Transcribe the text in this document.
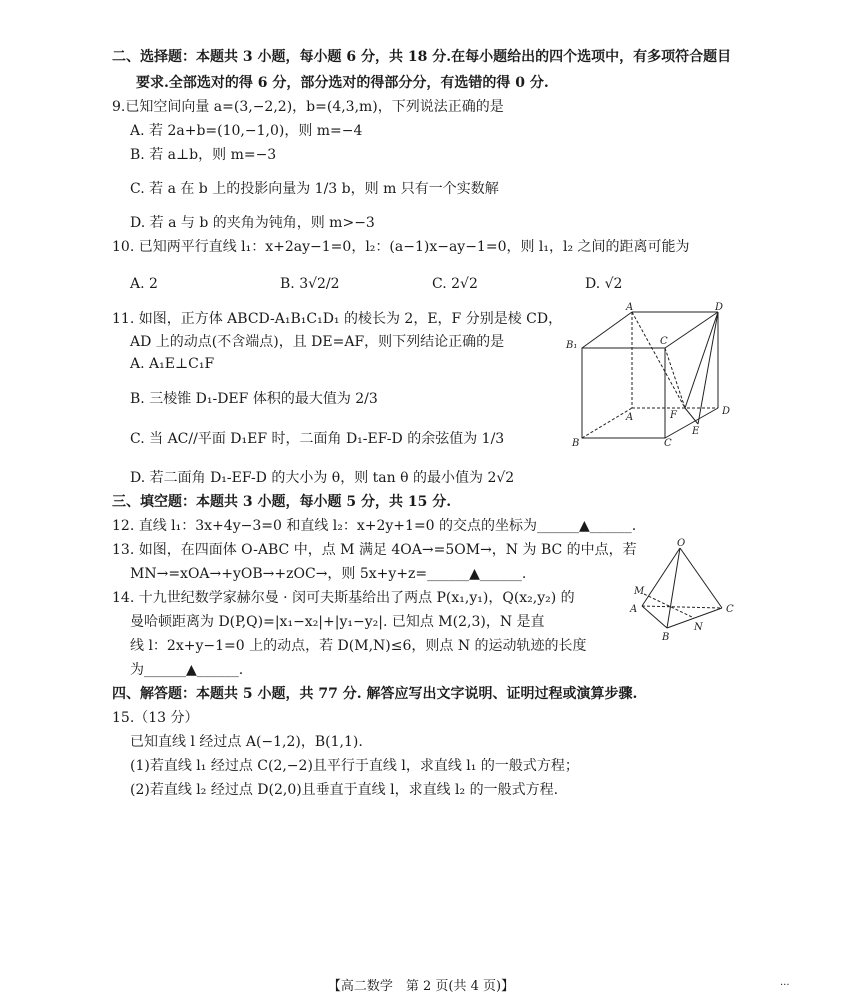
二、选择题：本题共 3 小题，每小题 6 分，共 18 分.在每小题给出的四个选项中，有多项符合题目
要求.全部选对的得 6 分，部分选对的得部分分，有选错的得 0 分.
9.已知空间向量 a=(3,−2,2)，b=(4,3,m)，下列说法正确的是
A. 若 2a+b=(10,−1,0)，则 m=−4
B. 若 a⊥b，则 m=−3
C. 若 a 在 b 上的投影向量为 1/3 b，则 m 只有一个实数解
D. 若 a 与 b 的夹角为钝角，则 m>−3
10. 已知两平行直线 l₁：x+2ay−1=0，l₂：(a−1)x−ay−1=0，则 l₁，l₂ 之间的距离可能为
A. 2	B. 3√2/2	C. 2√2	D. √2
11. 如图，正方体 ABCD-A₁B₁C₁D₁ 的棱长为 2，E，F 分别是棱 CD，
AD 上的动点(不含端点)，且 DE=AF，则下列结论正确的是
A. A₁E⊥C₁F
B. 三棱锥 D₁-DEF 体积的最大值为 2/3
C. 当 AC//平面 D₁EF 时，二面角 D₁-EF-D 的余弦值为 1/3
D. 若二面角 D₁-EF-D 的大小为 θ，则 tan θ 的最小值为 2√2
A	D
B₁	C
A	F	D
B	C
E
三、填空题：本题共 3 小题，每小题 5 分，共 15 分.
12. 直线 l₁：3x+4y−3=0 和直线 l₂：x+2y+1=0 的交点的坐标为______▲______.
13. 如图，在四面体 O-ABC 中，点 M 满足 4OA→=5OM→，N 为 BC 的中点，若
MN→=xOA→+yOB→+zOC→，则 5x+y+z=______▲______.
O
M
A
B
N
C
14. 十九世纪数学家赫尔曼 · 闵可夫斯基给出了两点 P(x₁,y₁)，Q(x₂,y₂) 的
曼哈顿距离为 D(P,Q)=|x₁−x₂|+|y₁−y₂|. 已知点 M(2,3)，N 是直
线 l：2x+y−1=0 上的动点，若 D(M,N)≤6，则点 N 的运动轨迹的长度
为______▲______.
四、解答题：本题共 5 小题，共 77 分. 解答应写出文字说明、证明过程或演算步骤.
15.（13 分）
已知直线 l 经过点 A(−1,2)，B(1,1).
(1)若直线 l₁ 经过点 C(2,−2)且平行于直线 l，求直线 l₁ 的一般式方程；
(2)若直线 l₂ 经过点 D(2,0)且垂直于直线 l，求直线 l₂ 的一般式方程.
【高二数学　第 2 页(共 4 页)】	...
